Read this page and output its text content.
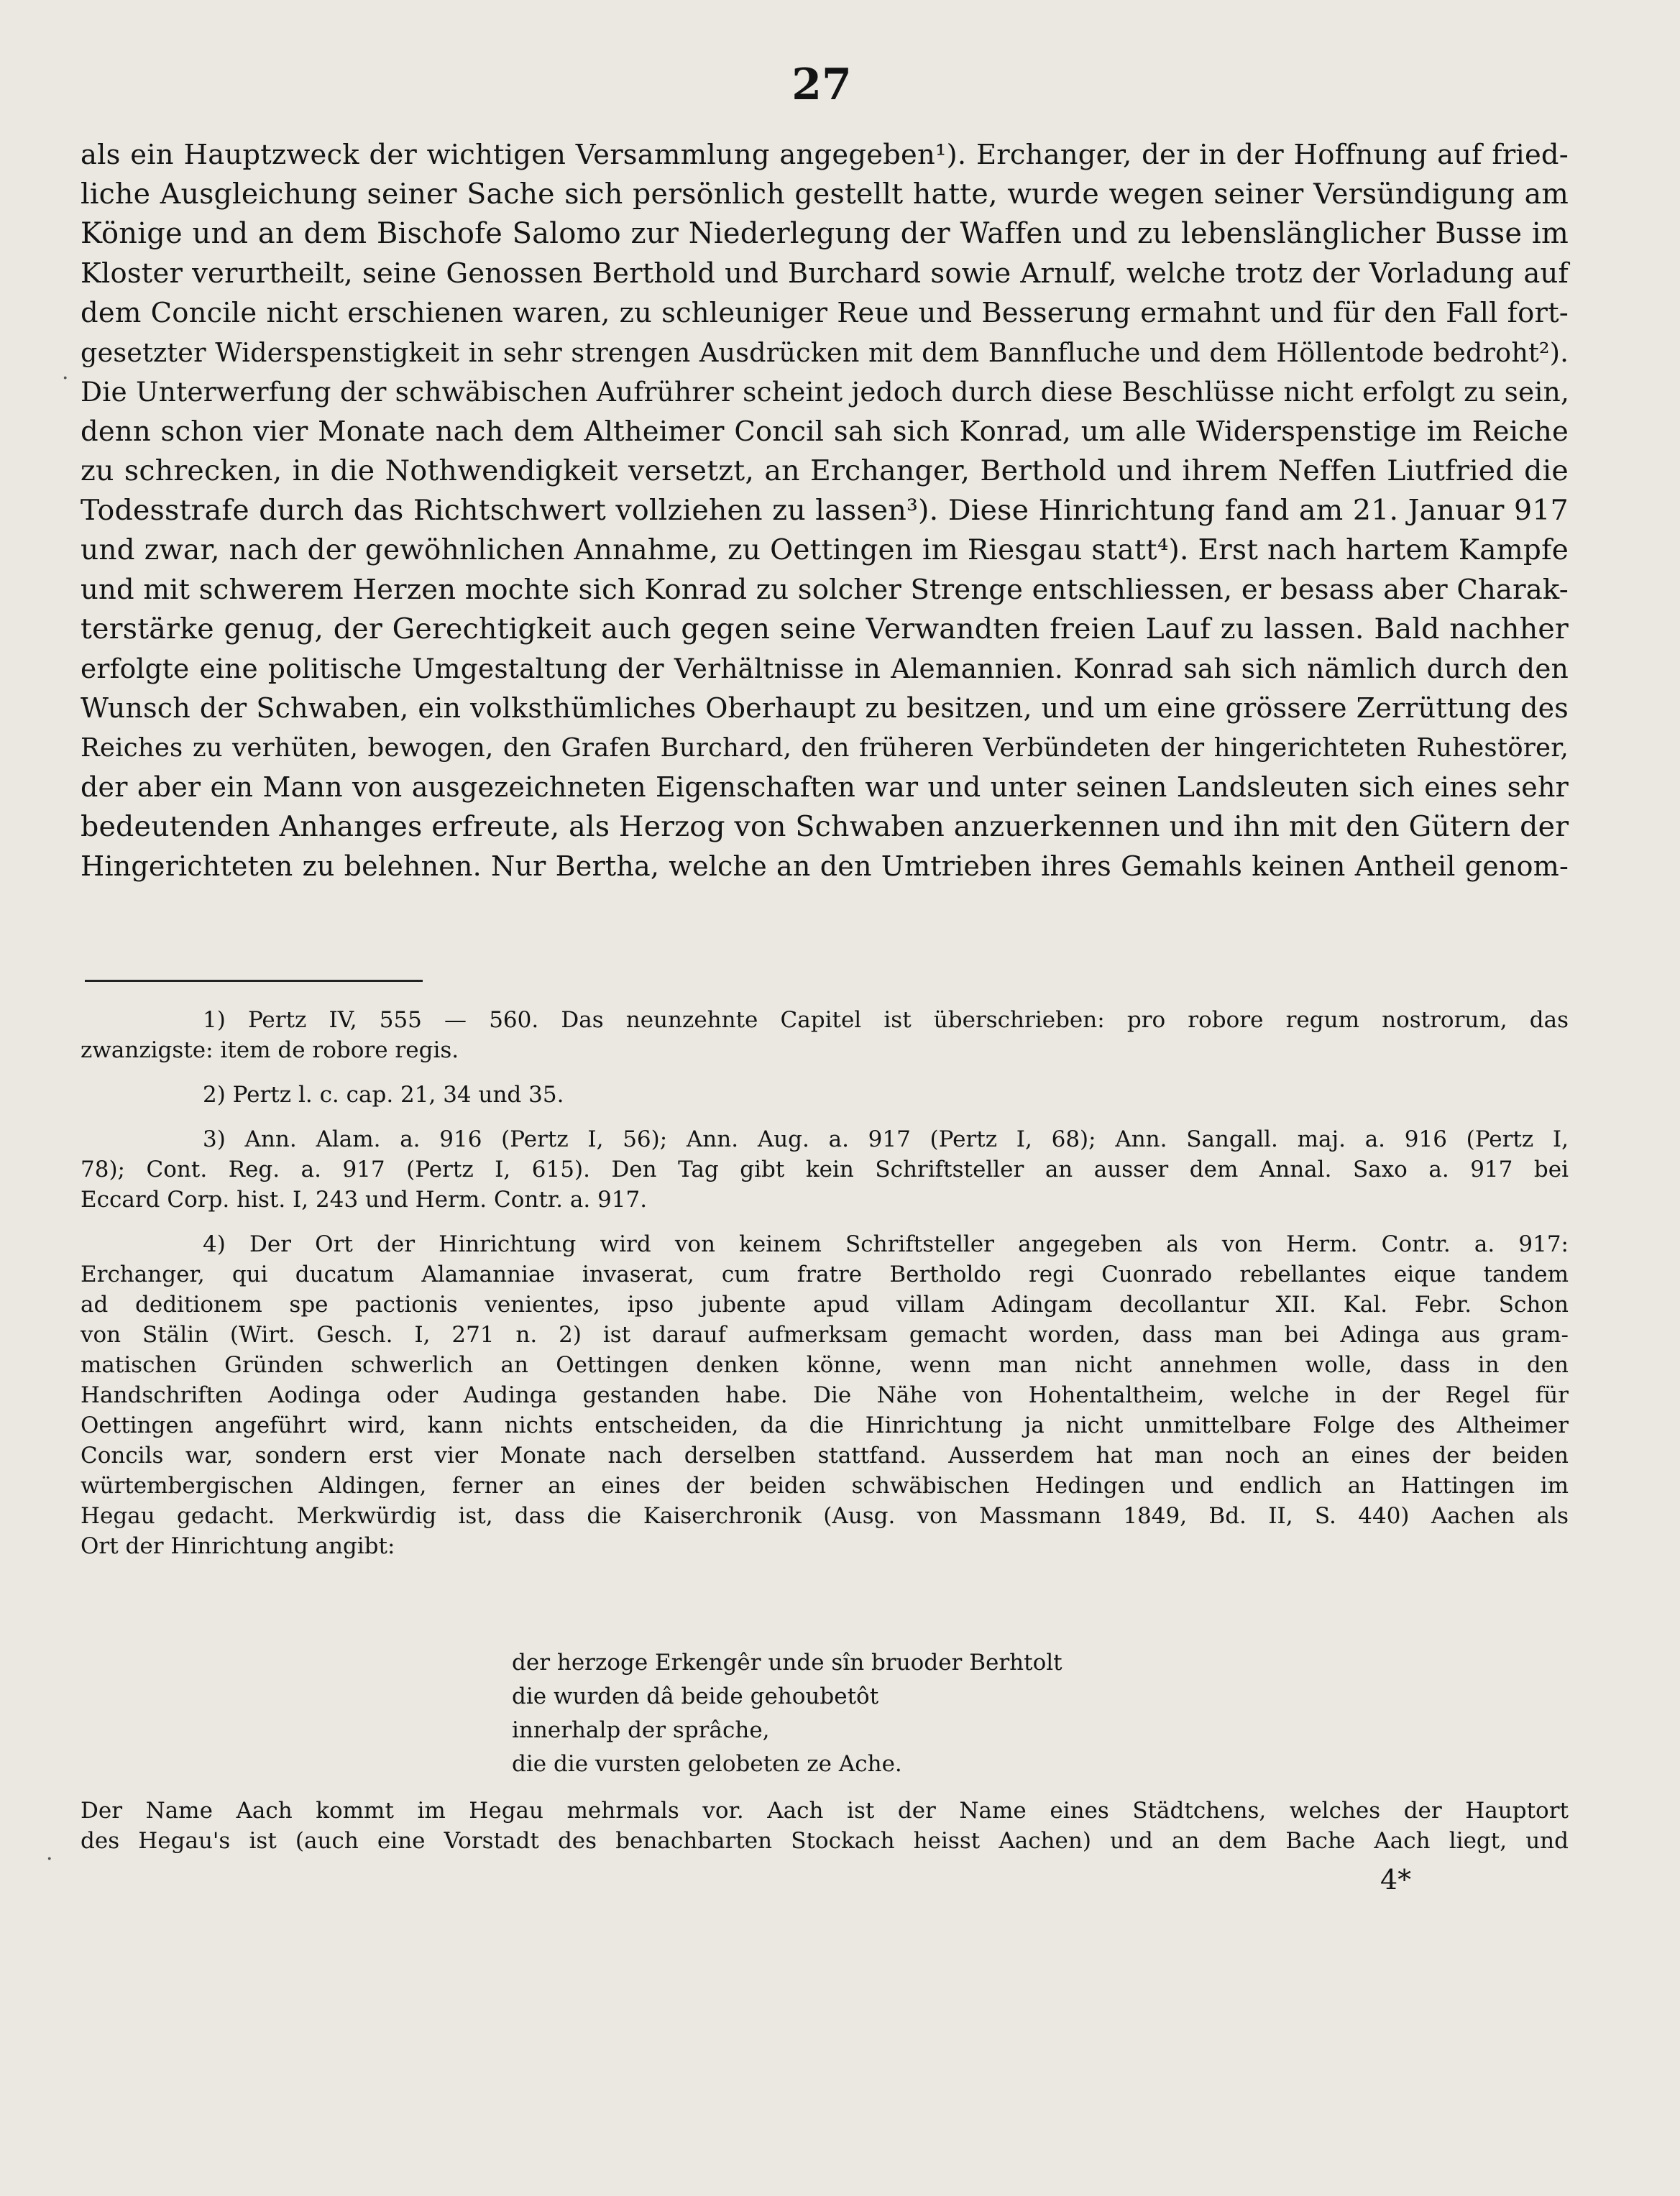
27
als ein Hauptzweck der wichtigen Versammlung angegeben¹). Erchanger, der in der Hoffnung auf fried-
liche Ausgleichung seiner Sache sich persönlich gestellt hatte, wurde wegen seiner Versündigung am
Könige und an dem Bischofe Salomo zur Niederlegung der Waffen und zu lebenslänglicher Busse im
Kloster verurtheilt, seine Genossen Berthold und Burchard sowie Arnulf, welche trotz der Vorladung auf
dem Concile nicht erschienen waren, zu schleuniger Reue und Besserung ermahnt und für den Fall fort-
gesetzter Widerspenstigkeit in sehr strengen Ausdrücken mit dem Bannfluche und dem Höllentode bedroht²).
Die Unterwerfung der schwäbischen Aufrührer scheint jedoch durch diese Beschlüsse nicht erfolgt zu sein,
denn schon vier Monate nach dem Altheimer Concil sah sich Konrad, um alle Widerspenstige im Reiche
zu schrecken, in die Nothwendigkeit versetzt, an Erchanger, Berthold und ihrem Neffen Liutfried die
Todesstrafe durch das Richtschwert vollziehen zu lassen³). Diese Hinrichtung fand am 21. Januar 917
und zwar, nach der gewöhnlichen Annahme, zu Oettingen im Riesgau statt⁴). Erst nach hartem Kampfe
und mit schwerem Herzen mochte sich Konrad zu solcher Strenge entschliessen, er besass aber Charak-
terstärke genug, der Gerechtigkeit auch gegen seine Verwandten freien Lauf zu lassen. Bald nachher
erfolgte eine politische Umgestaltung der Verhältnisse in Alemannien. Konrad sah sich nämlich durch den
Wunsch der Schwaben, ein volksthümliches Oberhaupt zu besitzen, und um eine grössere Zerrüttung des
Reiches zu verhüten, bewogen, den Grafen Burchard, den früheren Verbündeten der hingerichteten Ruhestörer,
der aber ein Mann von ausgezeichneten Eigenschaften war und unter seinen Landsleuten sich eines sehr
bedeutenden Anhanges erfreute, als Herzog von Schwaben anzuerkennen und ihn mit den Gütern der
Hingerichteten zu belehnen. Nur Bertha, welche an den Umtrieben ihres Gemahls keinen Antheil genom-
1) Pertz IV, 555 — 560. Das neunzehnte Capitel ist überschrieben: pro robore regum nostrorum, das
zwanzigste: item de robore regis.
2) Pertz l. c. cap. 21, 34 und 35.
3) Ann. Alam. a. 916 (Pertz I, 56); Ann. Aug. a. 917 (Pertz I, 68); Ann. Sangall. maj. a. 916 (Pertz I,
78); Cont. Reg. a. 917 (Pertz I, 615). Den Tag gibt kein Schriftsteller an ausser dem Annal. Saxo a. 917 bei
Eccard Corp. hist. I, 243 und Herm. Contr. a. 917.
4) Der Ort der Hinrichtung wird von keinem Schriftsteller angegeben als von Herm. Contr. a. 917:
Erchanger, qui ducatum Alamanniae invaserat, cum fratre Bertholdo regi Cuonrado rebellantes eique tandem
ad deditionem spe pactionis venientes, ipso jubente apud villam Adingam decollantur XII. Kal. Febr. Schon
von Stälin (Wirt. Gesch. I, 271 n. 2) ist darauf aufmerksam gemacht worden, dass man bei Adinga aus gram-
matischen Gründen schwerlich an Oettingen denken könne, wenn man nicht annehmen wolle, dass in den
Handschriften Aodinga oder Audinga gestanden habe. Die Nähe von Hohentaltheim, welche in der Regel für
Oettingen angeführt wird, kann nichts entscheiden, da die Hinrichtung ja nicht unmittelbare Folge des Altheimer
Concils war, sondern erst vier Monate nach derselben stattfand. Ausserdem hat man noch an eines der beiden
würtembergischen Aldingen, ferner an eines der beiden schwäbischen Hedingen und endlich an Hattingen im
Hegau gedacht. Merkwürdig ist, dass die Kaiserchronik (Ausg. von Massmann 1849, Bd. II, S. 440) Aachen als
Ort der Hinrichtung angibt:
der herzoge Erkengêr unde sîn bruoder Berhtolt
die wurden dâ beide gehoubetôt
innerhalp der sprâche,
die die vursten gelobeten ze Ache.
Der Name Aach kommt im Hegau mehrmals vor. Aach ist der Name eines Städtchens, welches der Hauptort
des Hegau's ist (auch eine Vorstadt des benachbarten Stockach heisst Aachen) und an dem Bache Aach liegt, und
4*
·
·
